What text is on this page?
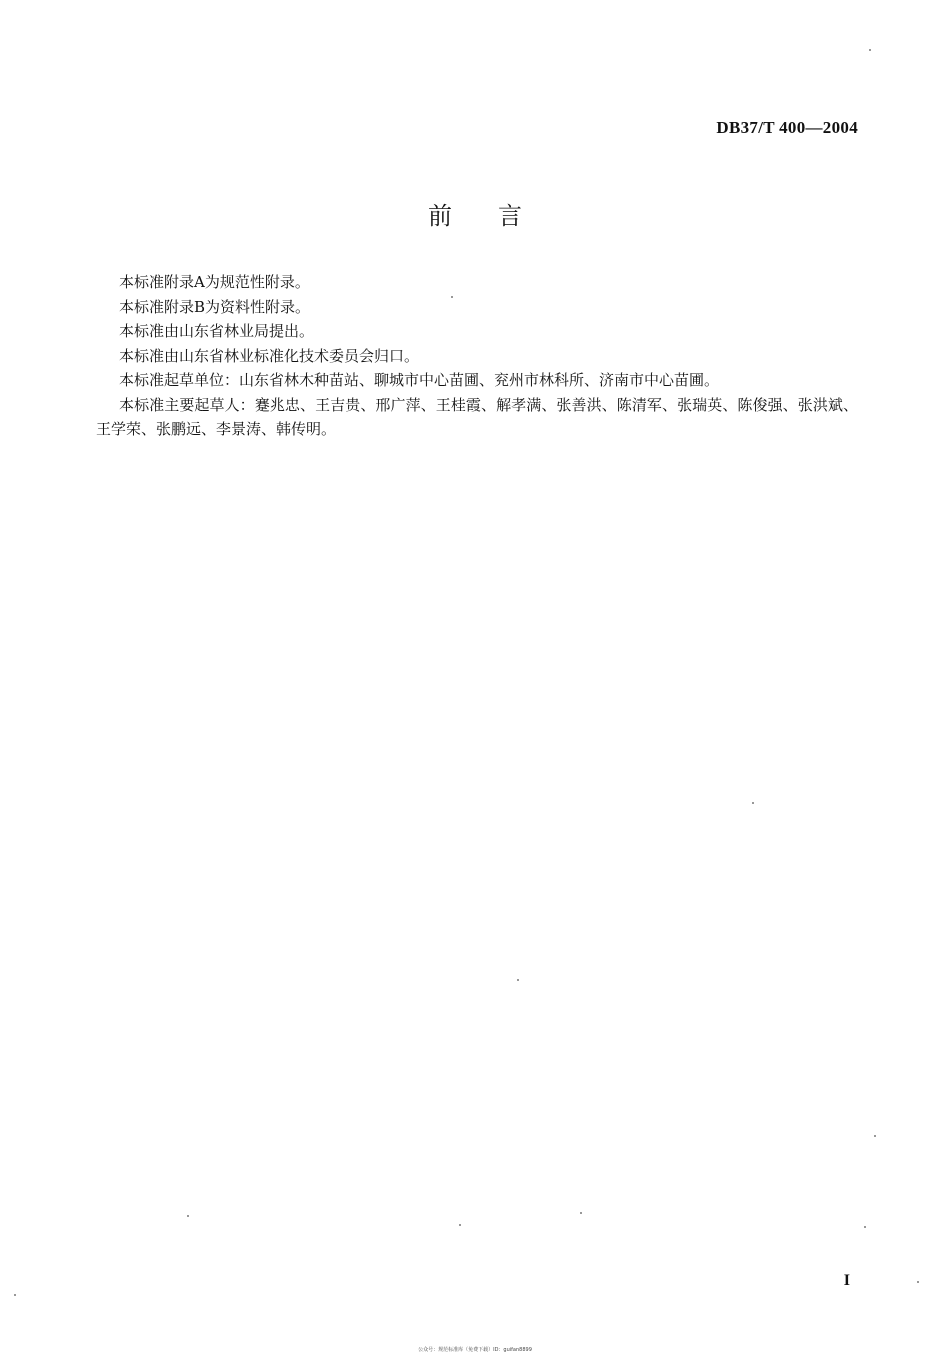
DB37/T 400—2004
前言

本标准附录A为规范性附录。

本标准附录B为资料性附录。

本标准由山东省林业局提出。

本标准由山东省林业标准化技术委员会归口。

本标准起草单位：山东省林木种苗站、聊城市中心苗圃、兖州市林科所、济南市中心苗圃。

本标准主要起草人：蹇兆忠、王吉贵、邢广萍、王桂霞、解孝满、张善洪、陈清军、张瑞英、陈俊强、张洪斌、王学荣、张鹏远、李景涛、韩传明。

I
公众号：规范标准库（免费下载）ID：guifan8899
